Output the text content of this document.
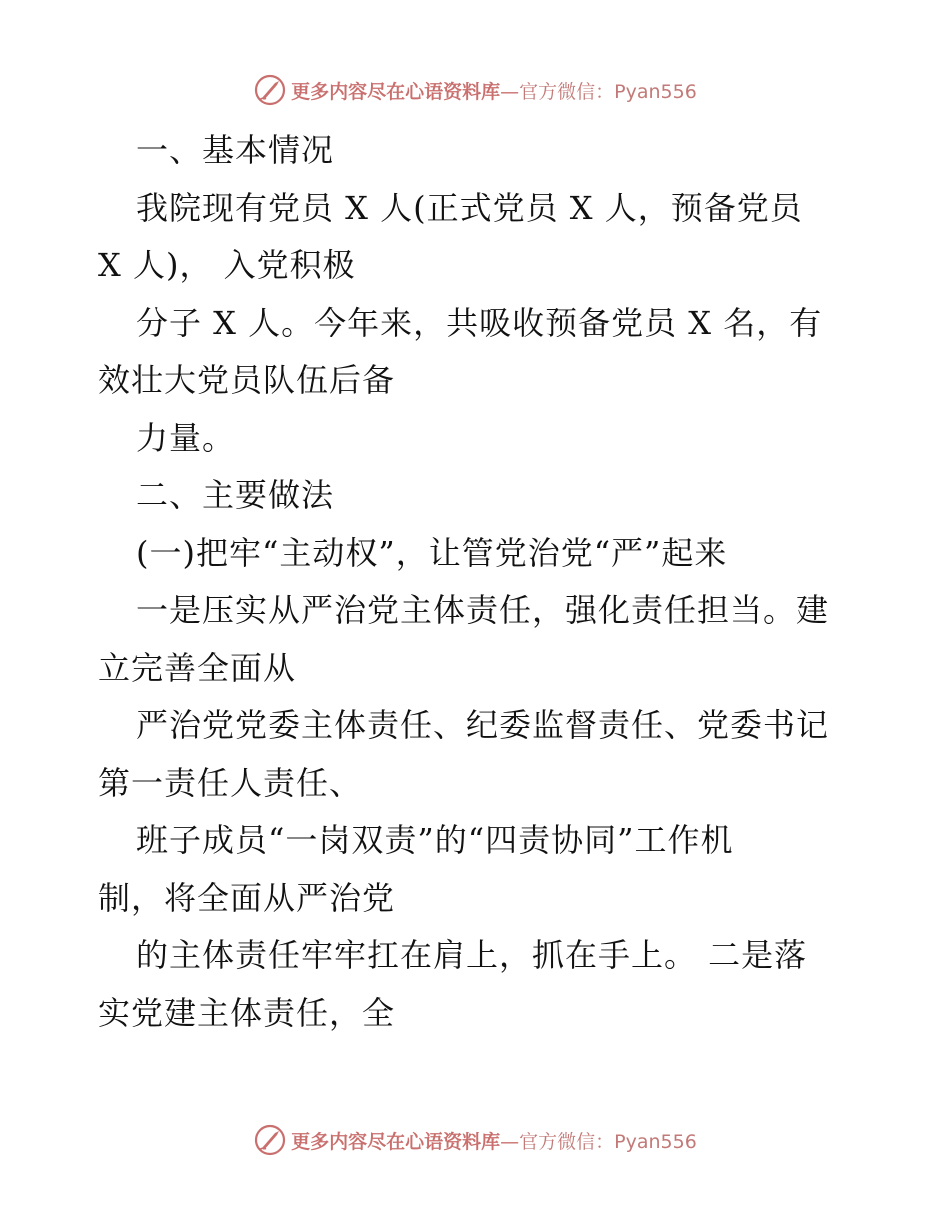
更多内容尽在心语资料库—官方微信：Pyan556
一、基本情况
我院现有党员 X 人(正式党员 X 人，预备党员
X 人)， 入党积极
分子 X 人。今年来，共吸收预备党员 X 名，有
效壮大党员队伍后备
力量。
二、主要做法
(一)把牢“主动权”，让管党治党“严”起来
一是压实从严治党主体责任，强化责任担当。建
立完善全面从
严治党党委主体责任、纪委监督责任、党委书记
第一责任人责任、
班子成员“一岗双责”的“四责协同”工作机
制，将全面从严治党
的主体责任牢牢扛在肩上，抓在手上。 二是落
实党建主体责任，全
更多内容尽在心语资料库—官方微信：Pyan556
